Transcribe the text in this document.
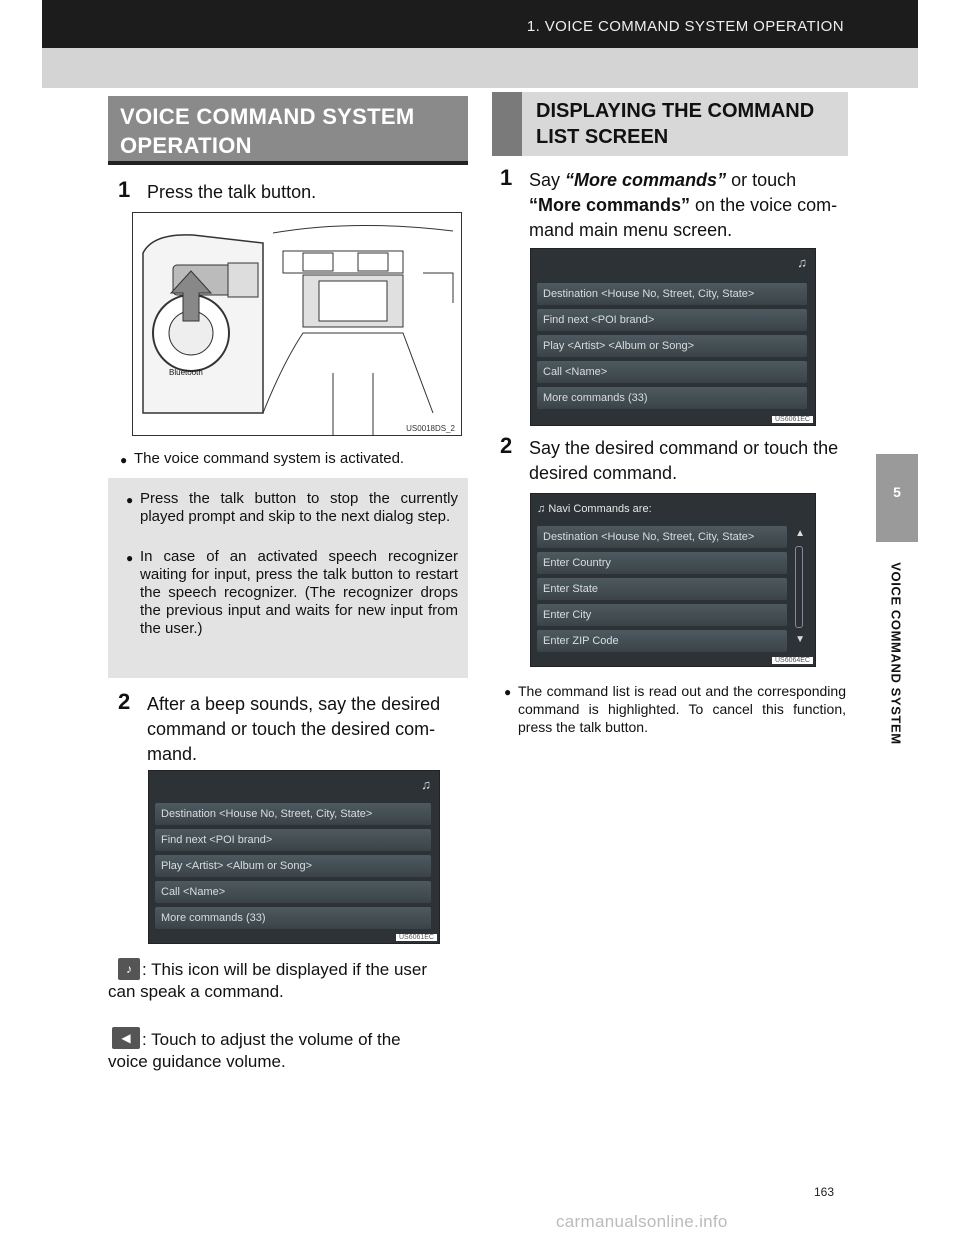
1. VOICE COMMAND SYSTEM OPERATION
VOICE COMMAND SYSTEM
OPERATION
1 Press the talk button.
Bluetooth
US0018DS_2
● The voice command system is activated.
● Press the talk button to stop the currently played prompt and skip to the next dialog step.
● In case of an activated speech recognizer waiting for input, press the talk button to restart the speech recognizer. (The recognizer drops the previous input and waits for new input from the user.)
2 After a beep sounds, say the desired
command or touch the desired com-
mand.
♫
Destination <House No, Street, City, State>
Find next <POI brand>
Play <Artist> <Album or Song>
Call <Name>
More commands (33)
US6061EC
♪ : This icon will be displayed if the user
can speak a command.
◀ : Touch to adjust the volume of the
voice guidance volume.
DISPLAYING THE COMMAND
LIST SCREEN
1 Say “More commands” or touch
“More commands” on the voice com-
mand main menu screen.
♫
Destination <House No, Street, City, State>
Find next <POI brand>
Play <Artist> <Album or Song>
Call <Name>
More commands (33)
US6061EC
2 Say the desired command or touch the
desired command.
♫ Navi Commands are:
Destination <House No, Street, City, State>
Enter Country
Enter State
Enter City
Enter ZIP Code
▲
▼
US6064EC
● The command list is read out and the corresponding command is highlighted. To cancel this function, press the talk button.
5
VOICE COMMAND SYSTEM
163
carmanualsonline.info
